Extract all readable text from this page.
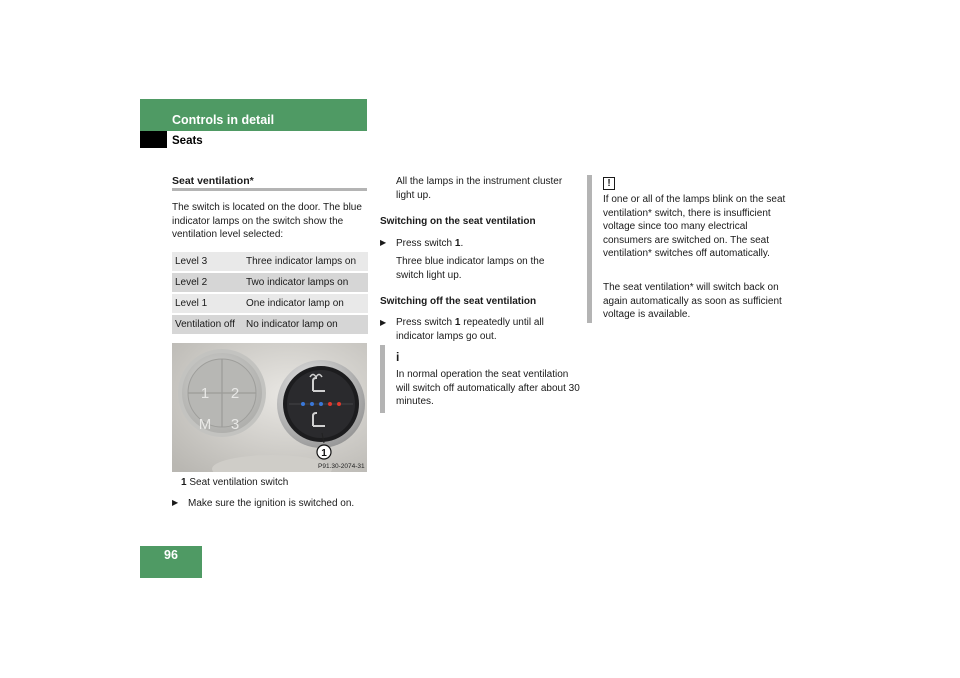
Controls in detail
Seats
Seat ventilation*
The switch is located on the door. The blue indicator lamps on the switch show the ventilation level selected:
Level 3	Three indicator lamps on
Level 2	Two indicator lamps on
Level 1	One indicator lamp on
Ventilation off	No indicator lamp on
1 2
M 3
1
P91.30-2074-31
1 Seat ventilation switch
▶ Make sure the ignition is switched on.
All the lamps in the instrument cluster light up.
Switching on the seat ventilation
▶ Press switch 1.
Three blue indicator lamps on the switch light up.
Switching off the seat ventilation
▶ Press switch 1 repeatedly until all indicator lamps go out.
i
In normal operation the seat ventilation will switch off automatically after about 30 minutes.
!
If one or all of the lamps blink on the seat ventilation* switch, there is insufficient voltage since too many electrical consumers are switched on. The seat ventilation* switches off automatically.
The seat ventilation* will switch back on again automatically as soon as sufficient voltage is available.
96
